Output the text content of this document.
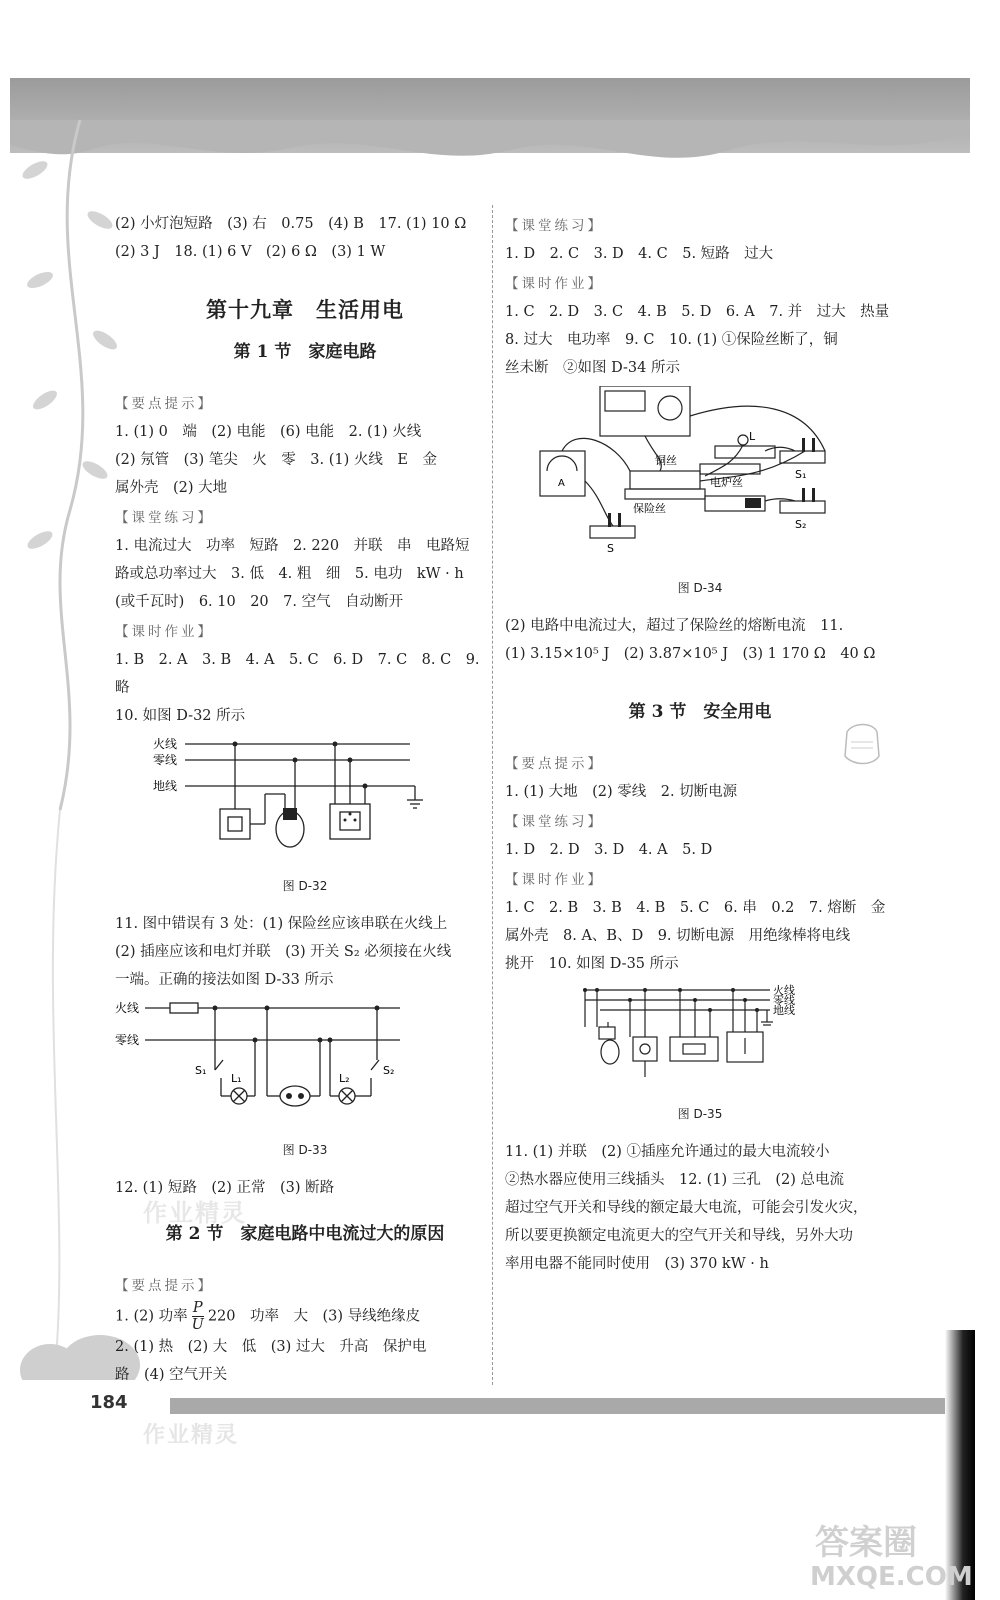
(2) 小灯泡短路　(3) 右　0.75　(4) B　17. (1) 10 Ω

(2) 3 J　18. (1) 6 V　(2) 6 Ω　(3) 1 W

第十九章　生活用电
第 1 节　家庭电路
【要点提示】

1. (1) 0　端　(2) 电能　(6) 电能　2. (1) 火线

(2) 氖管　(3) 笔尖　火　零　3. (1) 火线　E　金

属外壳　(2) 大地

【课堂练习】

1. 电流过大　功率　短路　2. 220　并联　串　电路短

路或总功率过大　3. 低　4. 粗　细　5. 电功　kW · h

(或千瓦时)　6. 10　20　7. 空气　自动断开

【课时作业】

1. B　2. A　3. B　4. A　5. C　6. D　7. C　8. C　9. 略

10. 如图 D-32 所示

火线
零线
地线
图 D-32

11. 图中错误有 3 处：(1) 保险丝应该串联在火线上

(2) 插座应该和电灯并联　(3) 开关 S₂ 必须接在火线

一端。正确的接法如图 D-33 所示

火线
零线
S₁
L₁	L₂
S₂
图 D-33

12. (1) 短路　(2) 正常　(3) 断路

第 2 节　家庭电路中电流过大的原因
【要点提示】

1. (2) 功率 $\frac{P}{U} 220$　功率　大　(3) 导线绝缘皮

2. (1) 热　(2) 大　低　(3) 过大　升高　保护电

路　(4) 空气开关

【课堂练习】

1. D　2. C　3. D　4. C　5. 短路　过大

【课时作业】

1. C　2. D　3. C　4. B　5. D　6. A　7. 并　过大　热量

8. 过大　电功率　9. C　10. (1) ①保险丝断了，铜

丝未断　②如图 D-34 所示

铜丝
保险丝
电炉丝
L
S₁
S₂
S
A
图 D-34

(2) 电路中电流过大，超过了保险丝的熔断电流　11.

(1) 3.15×10⁵ J　(2) 3.87×10⁵ J　(3) 1 170 Ω　40 Ω

第 3 节　安全用电
【要点提示】

1. (1) 大地　(2) 零线　2. 切断电源

【课堂练习】

1. D　2. D　3. D　4. A　5. D

【课时作业】

1. C　2. B　3. B　4. B　5. C　6. 串　0.2　7. 熔断　金

属外壳　8. A、B、D　9. 切断电源　用绝缘棒将电线

挑开　10. 如图 D-35 所示

火线
零线
地线
图 D-35

11. (1) 并联　(2) ①插座允许通过的最大电流较小

②热水器应使用三线插头　12. (1) 三孔　(2) 总电流

超过空气开关和导线的额定最大电流，可能会引发火灾，

所以要更换额定电流更大的空气开关和导线，另外大功

率用电器不能同时使用　(3) 370 kW · h

作业精灵
184
作业精灵
答案圈
MXQE.COM
